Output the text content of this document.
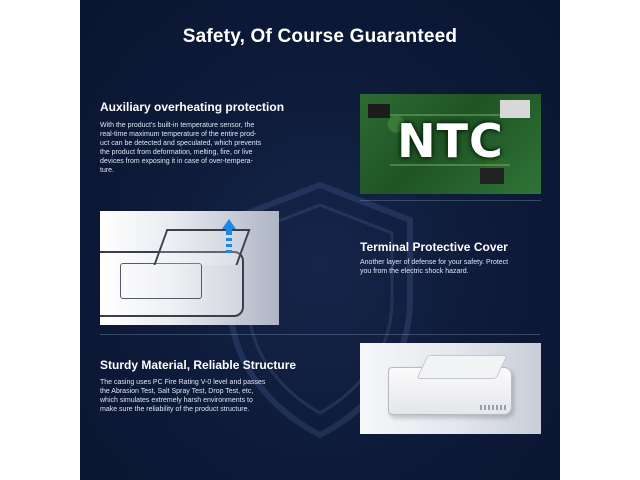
Safety, Of Course Guaranteed
Auxiliary overheating protection
With the product's built-in temperature sensor, the
real-time maximum temperature of the entire prod-
uct can be detected and speculated, which prevents
the product from deformation, melting, fire, or live
devices from exposing it in case of over-tempera-
ture.
NTC
Terminal Protective Cover
Another layer of defense for your safety. Protect
you from the electric shock hazard.
Sturdy Material, Reliable Structure
The casing uses PC Fire Rating V-0 level and passes
the Abrasion Test, Salt Spray Test, Drop Test, etc,
which simulates extremely harsh environments to
make sure the reliability of the product structure.
